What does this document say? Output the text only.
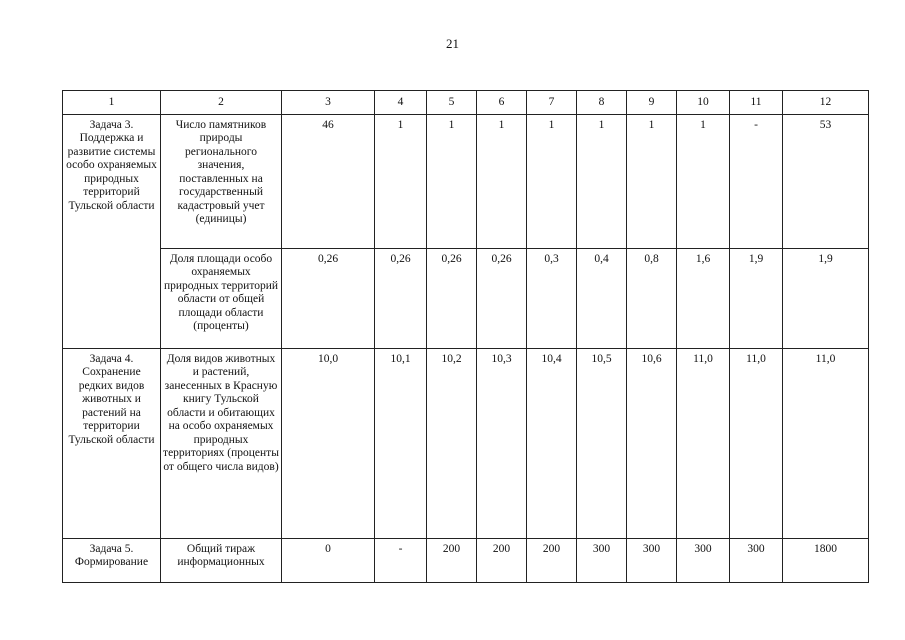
21
1	2	3	4	5	6	7	8	9	10	11	12
Задача 3. Поддержка и развитие системы особо охраняемых природных территорий Тульской области	Число памятников природы регионального значения, поставленных на государственный кадастровый учет (единицы)	46	1	1	1	1	1	1	1	-	53
	Доля площади особо охраняемых природных территорий области от общей площади области (проценты)	0,26	0,26	0,26	0,26	0,3	0,4	0,8	1,6	1,9	1,9
Задача 4. Сохранение редких видов животных и растений на территории Тульской области	Доля видов животных и растений, занесенных в Красную книгу Тульской области и обитающих на особо охраняемых природных территориях (проценты от общего числа видов)	10,0	10,1	10,2	10,3	10,4	10,5	10,6	11,0	11,0	11,0
Задача 5. Формирование	Общий тираж информационных	0	-	200	200	200	300	300	300	300	1800
